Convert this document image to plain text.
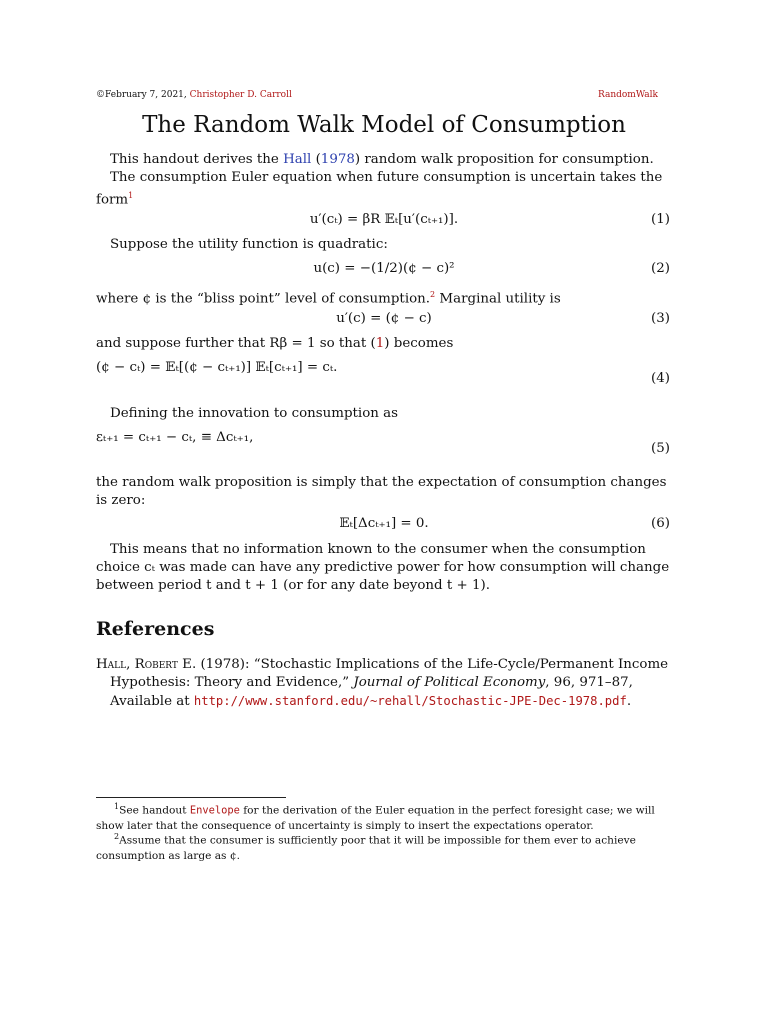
©February 7, 2021, Christopher D. Carroll	RandomWalk
The Random Walk Model of Consumption
This handout derives the Hall (1978) random walk proposition for consumption.
The consumption Euler equation when future consumption is uncertain takes the form$^1$
u′(cₜ) = βR 𝔼ₜ[u′(cₜ₊₁)].	(1)
Suppose the utility function is quadratic:
u(c) = −(1/2)(¢ − c)²	(2)
where ¢ is the “bliss point” level of consumption.$^2$ Marginal utility is
u′(c) = (¢ − c)	(3)
and suppose further that Rβ = 1 so that (1) becomes
(¢ − cₜ) = 𝔼ₜ[(¢ − cₜ₊₁)] 𝔼ₜ[cₜ₊₁] = cₜ.
(4)
Defining the innovation to consumption as
εₜ₊₁ = cₜ₊₁ − cₜ, ≡ Δcₜ₊₁,
(5)
the random walk proposition is simply that the expectation of consumption changes is zero:
𝔼ₜ[Δcₜ₊₁] = 0.	(6)
This means that no information known to the consumer when the consumption choice cₜ was made can have any predictive power for how consumption will change between period t and t + 1 (or for any date beyond t + 1).
References
Hall, Robert E. (1978): “Stochastic Implications of the Life-Cycle/Permanent Income Hypothesis: Theory and Evidence,” Journal of Political Economy, 96, 971–87, Available at http://www.stanford.edu/~rehall/Stochastic-JPE-Dec-1978.pdf.
$^1$See handout Envelope for the derivation of the Euler equation in the perfect foresight case; we will show later that the consequence of uncertainty is simply to insert the expectations operator.
$^2$Assume that the consumer is sufficiently poor that it will be impossible for them ever to achieve consumption as large as ¢.
